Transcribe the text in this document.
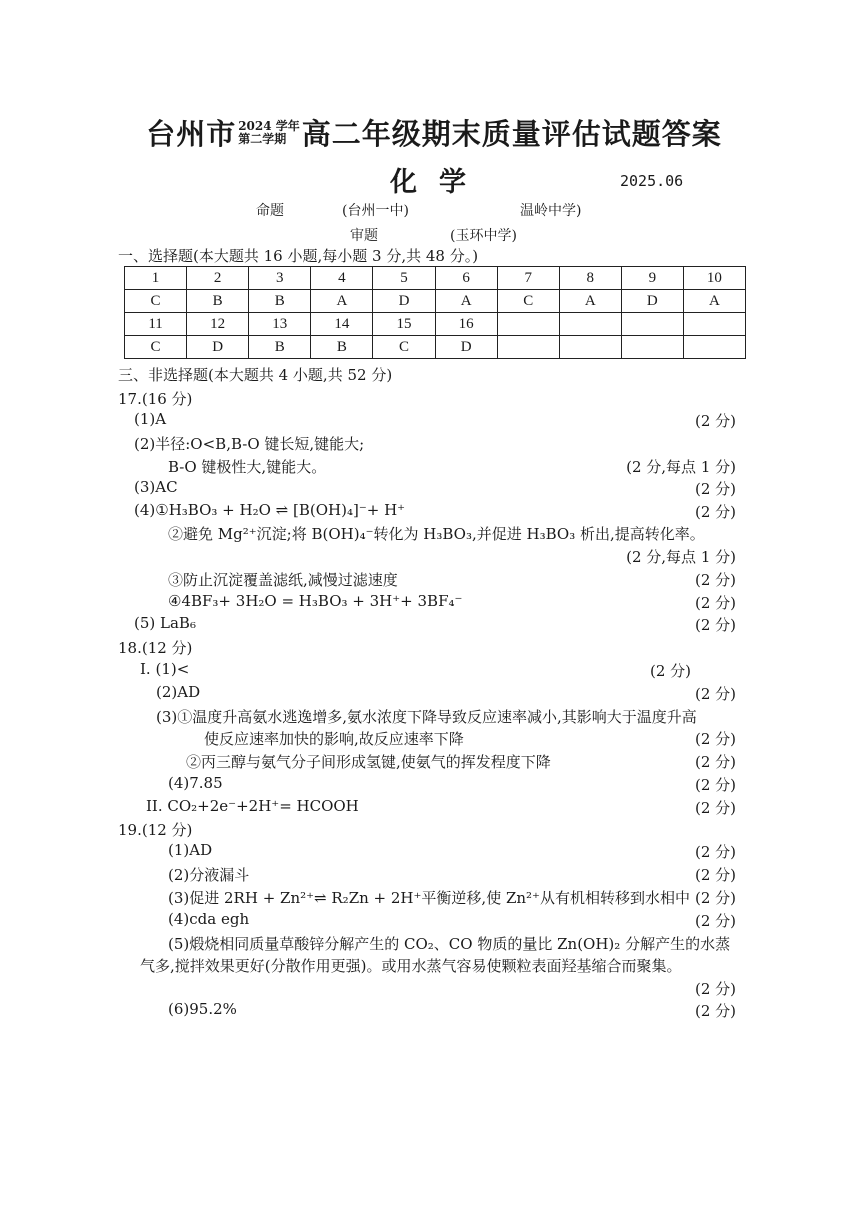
台州市 2024 学年
第二学期 高二年级期末质量评估试题答案
化学	2025.06
命题	(台州一中)	温岭中学)
审题	(玉环中学)
一、选择题(本大题共 16 小题,每小题 3 分,共 48 分。)
1	2	3	4	5	6	7	8	9	10
C	B	B	A	D	A	C	A	D	A
11	12	13	14	15	16				
C	D	B	B	C	D				
三、非选择题(本大题共 4 小题,共 52 分)
17.(16 分)
(1)A	(2 分)
(2)半径:O<B,B-O 键长短,键能大;
B-O 键极性大,键能大。	(2 分,每点 1 分)
(3)AC	(2 分)
(4)①H₃BO₃ + H₂O ⇌ [B(OH)₄]⁻+ H⁺	(2 分)
②避免 Mg²⁺沉淀;将 B(OH)₄⁻转化为 H₃BO₃,并促进 H₃BO₃ 析出,提高转化率。
(2 分,每点 1 分)
③防止沉淀覆盖滤纸,减慢过滤速度	(2 分)
④4BF₃+ 3H₂O = H₃BO₃ + 3H⁺+ 3BF₄⁻	(2 分)
(5) LaB₆	(2 分)
18.(12 分)
I. (1)<	(2 分)
(2)AD	(2 分)
(3)①温度升高氨水逃逸增多,氨水浓度下降导致反应速率减小,其影响大于温度升高
使反应速率加快的影响,故反应速率下降	(2 分)
②丙三醇与氨气分子间形成氢键,使氨气的挥发程度下降	(2 分)
(4)7.85	(2 分)
II. CO₂+2e⁻+2H⁺= HCOOH	(2 分)
19.(12 分)
(1)AD	(2 分)
(2)分液漏斗	(2 分)
(3)促进 2RH + Zn²⁺⇌ R₂Zn + 2H⁺平衡逆移,使 Zn²⁺从有机相转移到水相中 (2 分)
(4)cda egh	(2 分)
(5)煅烧相同质量草酸锌分解产生的 CO₂、CO 物质的量比 Zn(OH)₂ 分解产生的水蒸
气多,搅拌效果更好(分散作用更强)。或用水蒸气容易使颗粒表面羟基缩合而聚集。
(2 分)
(6)95.2%	(2 分)
